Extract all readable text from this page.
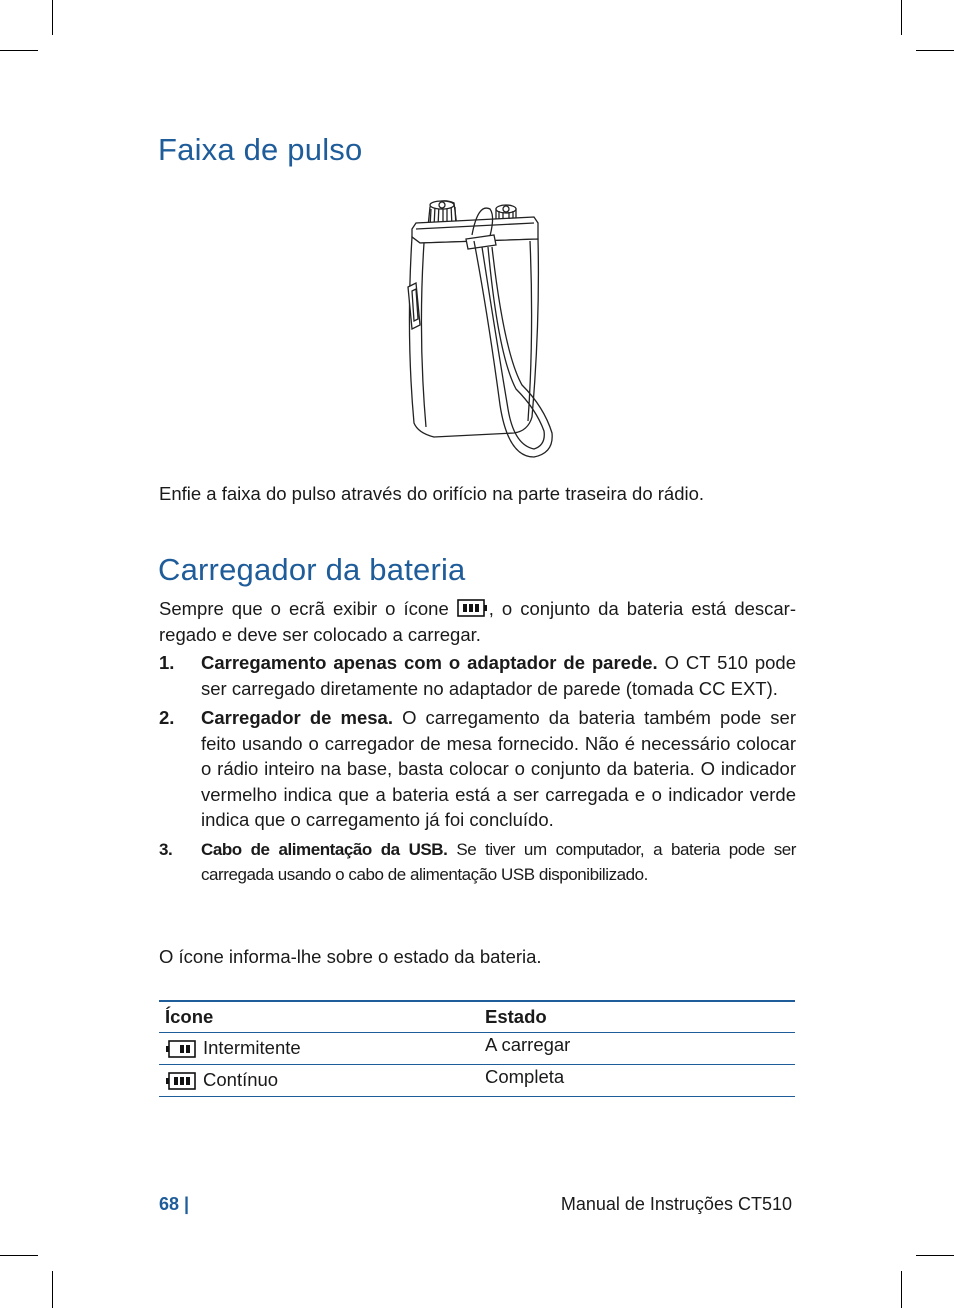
Faixa de pulso

Enfie a faixa do pulso através do orifício na parte traseira do rádio.

Carregador da bateria

Sempre que o ecrã exibir o ícone , o conjunto da bateria está descar-regado e deve ser colocado a carregar.

1. Carregamento apenas com o adaptador de parede. O CT 510 pode ser carregado diretamente no adaptador de parede (tomada CC EXT).
2. Carregador de mesa. O carregamento da bateria também pode ser feito usando o carregador de mesa fornecido. Não é necessário colocar o rádio inteiro na base, basta colocar o conjunto da bateria. O indicador vermelho indica que a bateria está a ser carregada e o indicador verde indica que o carregamento já foi concluído.
3. Cabo de alimentação da USB. Se tiver um computador, a bateria pode ser carregada usando o cabo de alimentação USB disponibilizado.

O ícone informa-lhe sobre o estado da bateria.

Ícone	Estado
Intermitente	A carregar
Contínuo	Completa
68 |	Manual de Instruções CT510
